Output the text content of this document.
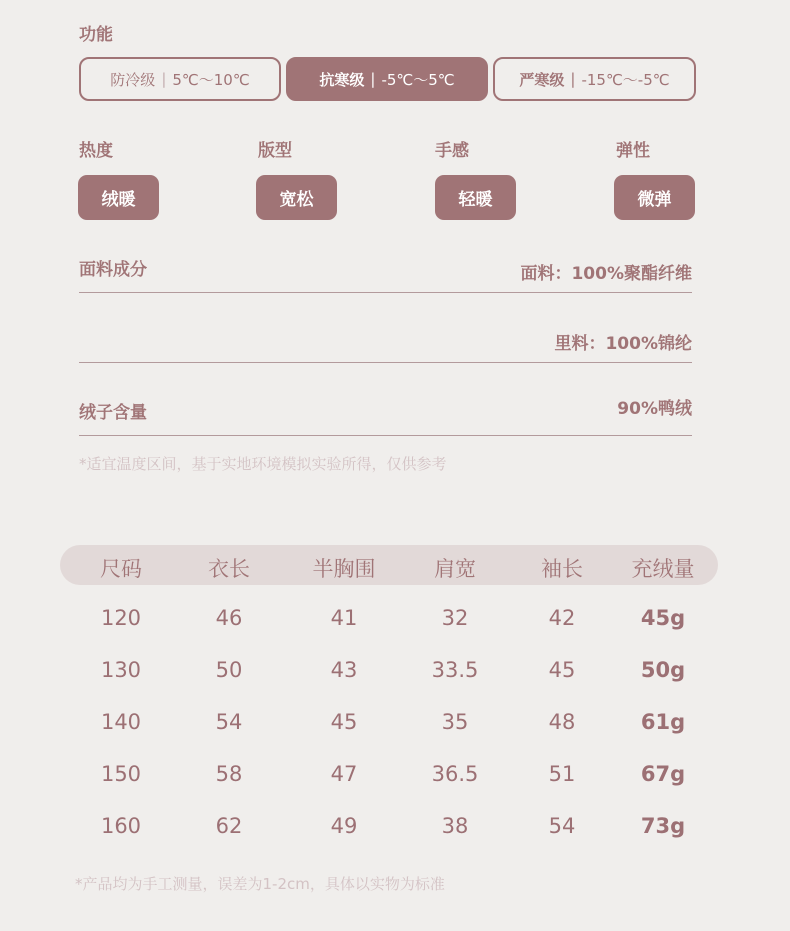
功能
防冷级 | 5℃～10℃	抗寒级 | -5℃～5℃	严寒级 | -15℃～-5℃
热度	版型	手感	弹性
绒暖	宽松	轻暖	微弹
面料成分	面料：100%聚酯纤维
里料：100%锦纶
绒子含量	90%鸭绒
*适宜温度区间，基于实地环境模拟实验所得，仅供参考
尺码	衣长	半胸围	肩宽	袖长	充绒量
120	46	41	32	42	45g
130	50	43	33.5	45	50g
140	54	45	35	48	61g
150	58	47	36.5	51	67g
160	62	49	38	54	73g
*产品均为手工测量，误差为1-2cm，具体以实物为标准
